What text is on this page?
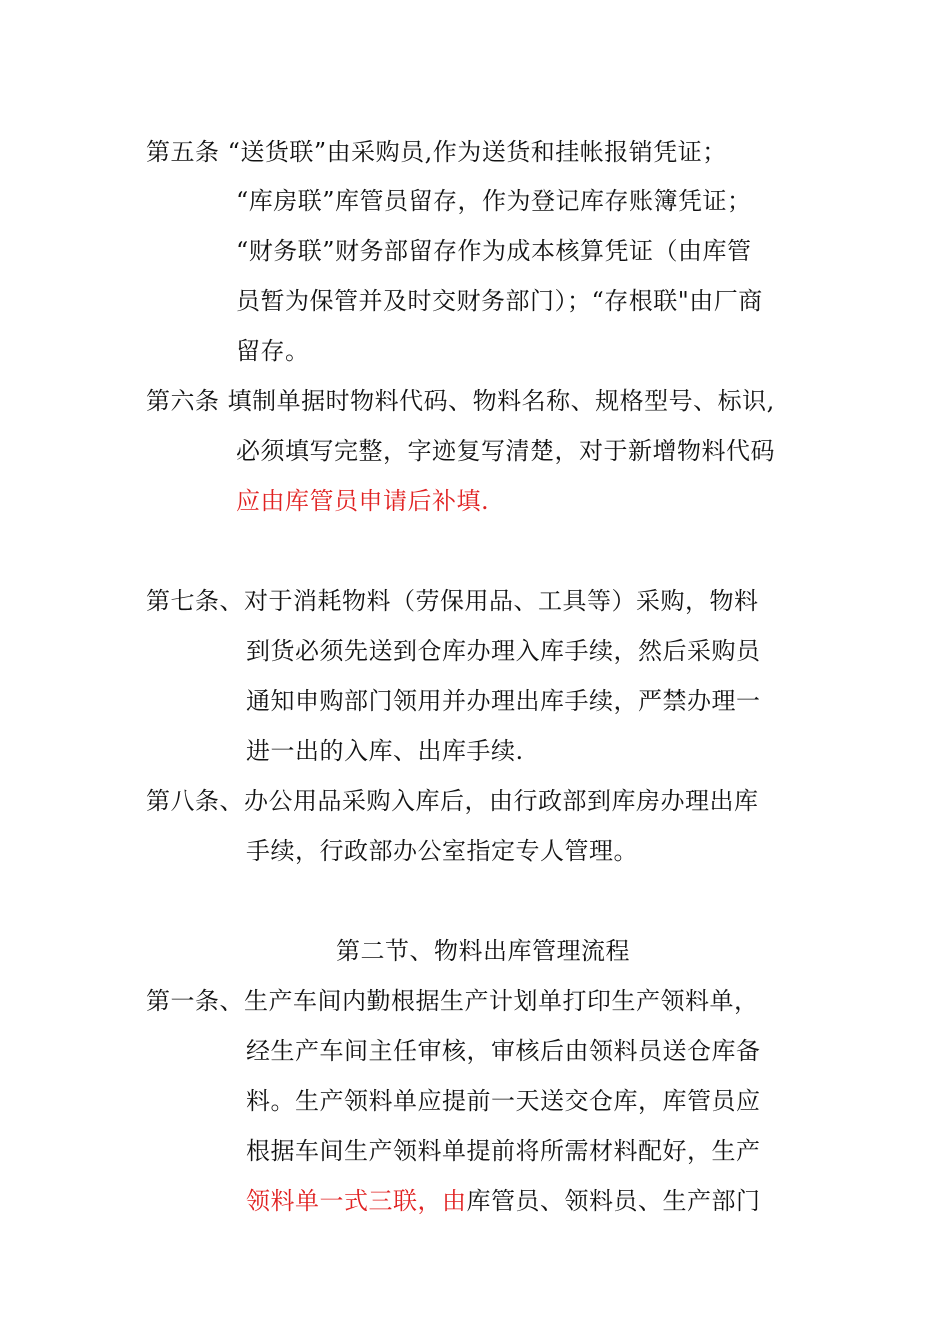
第五条 “送货联”由采购员,作为送货和挂帐报销凭证；
“库房联”库管员留存，作为登记库存账簿凭证；
“财务联”财务部留存作为成本核算凭证（由库管
员暂为保管并及时交财务部门）；“存根联"由厂商
留存。
第六条 填制单据时物料代码、物料名称、规格型号、标识,
必须填写完整，字迹复写清楚，对于新增物料代码
应由库管员申请后补填.
第七条、对于消耗物料（劳保用品、工具等）采购，物料
到货必须先送到仓库办理入库手续，然后采购员
通知申购部门领用并办理出库手续，严禁办理一
进一出的入库、出库手续.
第八条、办公用品采购入库后，由行政部到库房办理出库
手续，行政部办公室指定专人管理。
第二节、物料出库管理流程
第一条、生产车间内勤根据生产计划单打印生产领料单，
经生产车间主任审核，审核后由领料员送仓库备
料。生产领料单应提前一天送交仓库，库管员应
根据车间生产领料单提前将所需材料配好，生产
领料单一式三联，由库管员、领料员、生产部门
